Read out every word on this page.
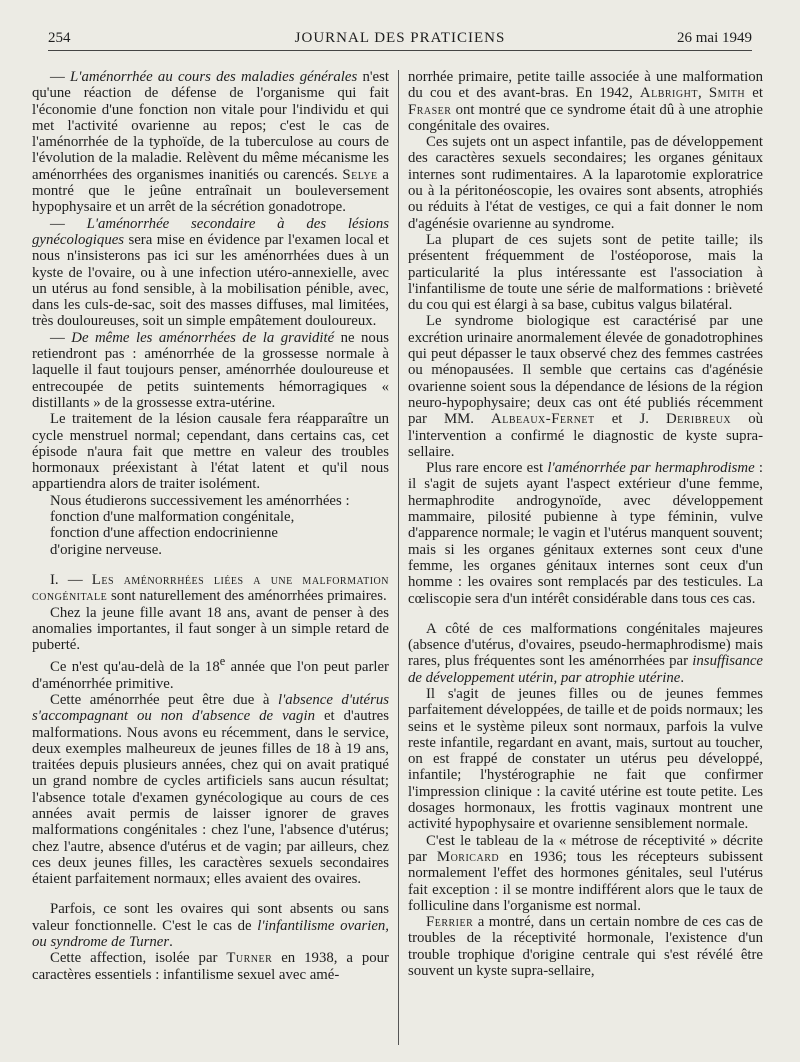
254	JOURNAL DES PRATICIENS	26 mai 1949

— L'aménorrhée au cours des maladies générales n'est qu'une réaction de défense de l'organisme qui fait l'économie d'une fonction non vitale pour l'individu et qui met l'activité ovarienne au repos; c'est le cas de l'aménorrhée de la typhoïde, de la tuberculose au cours de l'évolution de la maladie. Relèvent du même mécanisme les aménorrhées des organismes inanitiés ou carencés. Selye a montré que le jeûne entraînait un bouleversement hypophysaire et un arrêt de la sécrétion gonadotrope.

— L'aménorrhée secondaire à des lésions gynécologiques sera mise en évidence par l'examen local et nous n'insisterons pas ici sur les aménorrhées dues à un kyste de l'ovaire, ou à une infection utéro-annexielle, avec un utérus au fond sensible, à la mobilisation pénible, avec, dans les culs-de-sac, soit des masses diffuses, mal limitées, très douloureuses, soit un simple empâtement douloureux.

— De même les aménorrhées de la gravidité ne nous retiendront pas : aménorrhée de la grossesse normale à laquelle il faut toujours penser, aménorrhée douloureuse et entrecoupée de petits suintements hémorragiques « distillants » de la grossesse extra-utérine.

Le traitement de la lésion causale fera réapparaître un cycle menstruel normal; cependant, dans certains cas, cet épisode n'aura fait que mettre en valeur des troubles hormonaux préexistant à l'état latent et qu'il nous appartiendra alors de traiter isolément.

Nous étudierons successivement les aménorrhées :

fonction d'une malformation congénitale,

fonction d'une affection endocrinienne

d'origine nerveuse.

I. — Les aménorrhées liées a une malformation congénitale sont naturellement des aménorrhées primaires.

Chez la jeune fille avant 18 ans, avant de penser à des anomalies importantes, il faut songer à un simple retard de puberté.

Ce n'est qu'au-delà de la 18e année que l'on peut parler d'aménorrhée primitive.

Cette aménorrhée peut être due à l'absence d'utérus s'accompagnant ou non d'absence de vagin et d'autres malformations. Nous avons eu récemment, dans le service, deux exemples malheureux de jeunes filles de 18 à 19 ans, traitées depuis plusieurs années, chez qui on avait pratiqué un grand nombre de cycles artificiels sans aucun résultat; l'absence totale d'examen gynécologique au cours de ces années avait permis de laisser ignorer de graves malformations congénitales : chez l'une, l'absence d'utérus; chez l'autre, absence d'utérus et de vagin; par ailleurs, chez ces deux jeunes filles, les caractères sexuels secondaires étaient parfaitement normaux; elles avaient des ovaires.

Parfois, ce sont les ovaires qui sont absents ou sans valeur fonctionnelle. C'est le cas de l'infantilisme ovarien, ou syndrome de Turner.

Cette affection, isolée par Turner en 1938, a pour caractères essentiels : infantilisme sexuel avec amé-

norrhée primaire, petite taille associée à une malformation du cou et des avant-bras. En 1942, Albright, Smith et Fraser ont montré que ce syndrome était dû à une atrophie congénitale des ovaires.

Ces sujets ont un aspect infantile, pas de développement des caractères sexuels secondaires; les organes génitaux internes sont rudimentaires. A la laparotomie exploratrice ou à la péritonéoscopie, les ovaires sont absents, atrophiés ou réduits à l'état de vestiges, ce qui a fait donner le nom d'agénésie ovarienne au syndrome.

La plupart de ces sujets sont de petite taille; ils présentent fréquemment de l'ostéoporose, mais la particularité la plus intéressante est l'association à l'infantilisme de toute une série de malformations : brièveté du cou qui est élargi à sa base, cubitus valgus bilatéral.

Le syndrome biologique est caractérisé par une excrétion urinaire anormalement élevée de gonadotrophines qui peut dépasser le taux observé chez des femmes castrées ou ménopausées. Il semble que certains cas d'agénésie ovarienne soient sous la dépendance de lésions de la région neuro-hypophysaire; deux cas ont été publiés récemment par MM. Albeaux-Fernet et J. Deribreux où l'intervention a confirmé le diagnostic de kyste supra-sellaire.

Plus rare encore est l'aménorrhée par hermaphrodisme : il s'agit de sujets ayant l'aspect extérieur d'une femme, hermaphrodite androgynoïde, avec développement mammaire, pilosité pubienne à type féminin, vulve d'apparence normale; le vagin et l'utérus manquent souvent; mais si les organes génitaux externes sont ceux d'une femme, les organes génitaux internes sont ceux d'un homme : les ovaires sont remplacés par des testicules. La cœliscopie sera d'un intérêt considérable dans tous ces cas.

A côté de ces malformations congénitales majeures (absence d'utérus, d'ovaires, pseudo-hermaphrodisme) mais rares, plus fréquentes sont les aménorrhées par insuffisance de développement utérin, par atrophie utérine.

Il s'agit de jeunes filles ou de jeunes femmes parfaitement développées, de taille et de poids normaux; les seins et le système pileux sont normaux, parfois la vulve reste infantile, regardant en avant, mais, surtout au toucher, on est frappé de constater un utérus peu développé, infantile; l'hystérographie ne fait que confirmer l'impression clinique : la cavité utérine est toute petite. Les dosages hormonaux, les frottis vaginaux montrent une activité hypophysaire et ovarienne sensiblement normale.

C'est le tableau de la « métrose de réceptivité » décrite par Moricard en 1936; tous les récepteurs subissent normalement l'effet des hormones génitales, seul l'utérus fait exception : il se montre indifférent alors que le taux de folliculine dans l'organisme est normal.

Ferrier a montré, dans un certain nombre de ces cas de troubles de la réceptivité hormonale, l'existence d'un trouble trophique d'origine centrale qui s'est révélé être souvent un kyste supra-sellaire,
